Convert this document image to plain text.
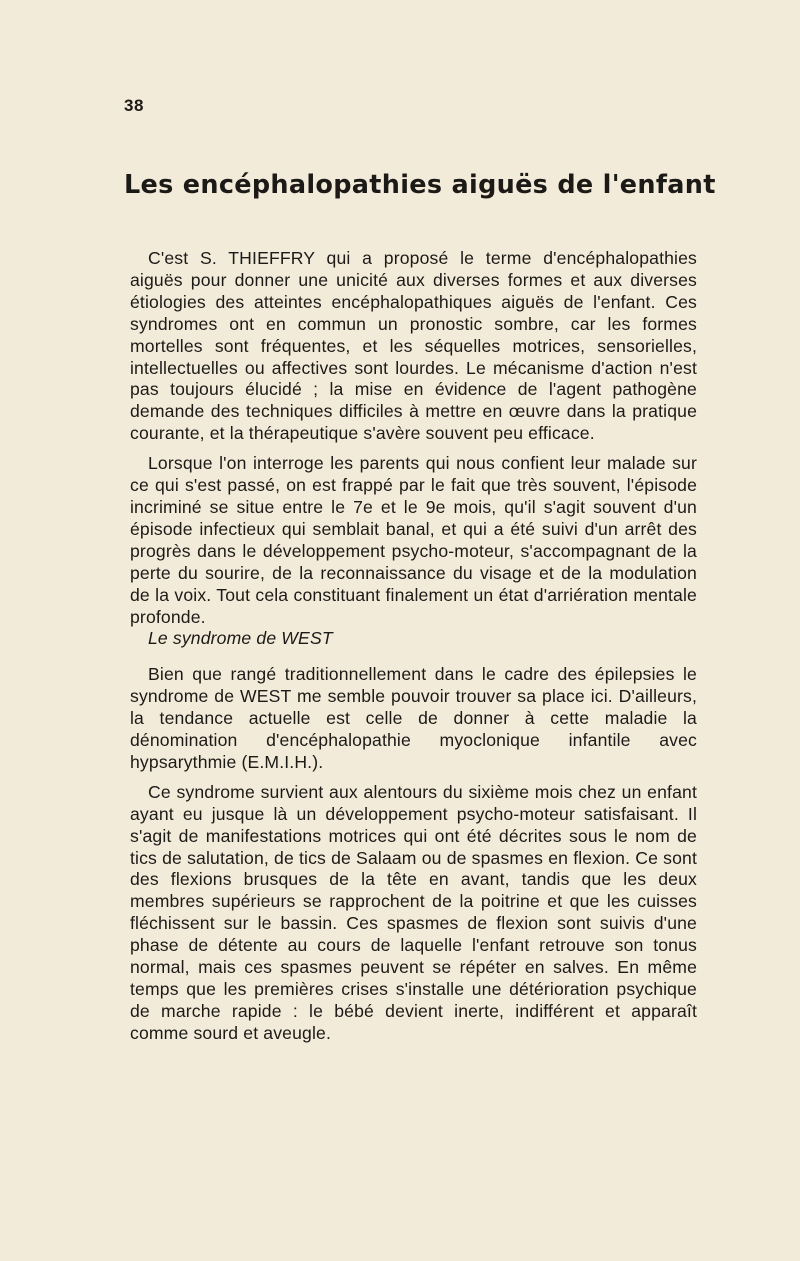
38
Les encéphalopathies aiguës de l'enfant

C'est S. THIEFFRY qui a proposé le terme d'encéphalopathies aiguës pour donner une unicité aux diverses formes et aux diverses étiologies des atteintes encéphalopathiques aiguës de l'enfant. Ces syndromes ont en commun un pronostic sombre, car les formes mortelles sont fréquentes, et les séquelles motrices, sensorielles, intellectuelles ou affectives sont lourdes. Le mécanisme d'action n'est pas toujours élucidé ; la mise en évidence de l'agent pathogène demande des techniques difficiles à mettre en œuvre dans la pratique courante, et la thérapeutique s'avère souvent peu efficace.

Lorsque l'on interroge les parents qui nous confient leur malade sur ce qui s'est passé, on est frappé par le fait que très souvent, l'épisode incriminé se situe entre le 7e et le 9e mois, qu'il s'agit souvent d'un épisode infectieux qui semblait banal, et qui a été suivi d'un arrêt des progrès dans le développement psycho-moteur, s'accompagnant de la perte du sourire, de la reconnaissance du visage et de la modulation de la voix. Tout cela constituant finalement un état d'arriération mentale profonde.

Le syndrome de WEST

Bien que rangé traditionnellement dans le cadre des épilepsies le syndrome de WEST me semble pouvoir trouver sa place ici. D'ailleurs, la tendance actuelle est celle de donner à cette maladie la dénomination d'encéphalopathie myoclonique infantile avec hypsarythmie (E.M.I.H.).

Ce syndrome survient aux alentours du sixième mois chez un enfant ayant eu jusque là un développement psycho-moteur satisfaisant. Il s'agit de manifestations motrices qui ont été décrites sous le nom de tics de salutation, de tics de Salaam ou de spasmes en flexion. Ce sont des flexions brusques de la tête en avant, tandis que les deux membres supérieurs se rapprochent de la poitrine et que les cuisses fléchissent sur le bassin. Ces spasmes de flexion sont suivis d'une phase de détente au cours de laquelle l'enfant retrouve son tonus normal, mais ces spasmes peuvent se répéter en salves. En même temps que les premières crises s'installe une détérioration psychique de marche rapide : le bébé devient inerte, indifférent et apparaît comme sourd et aveugle.
